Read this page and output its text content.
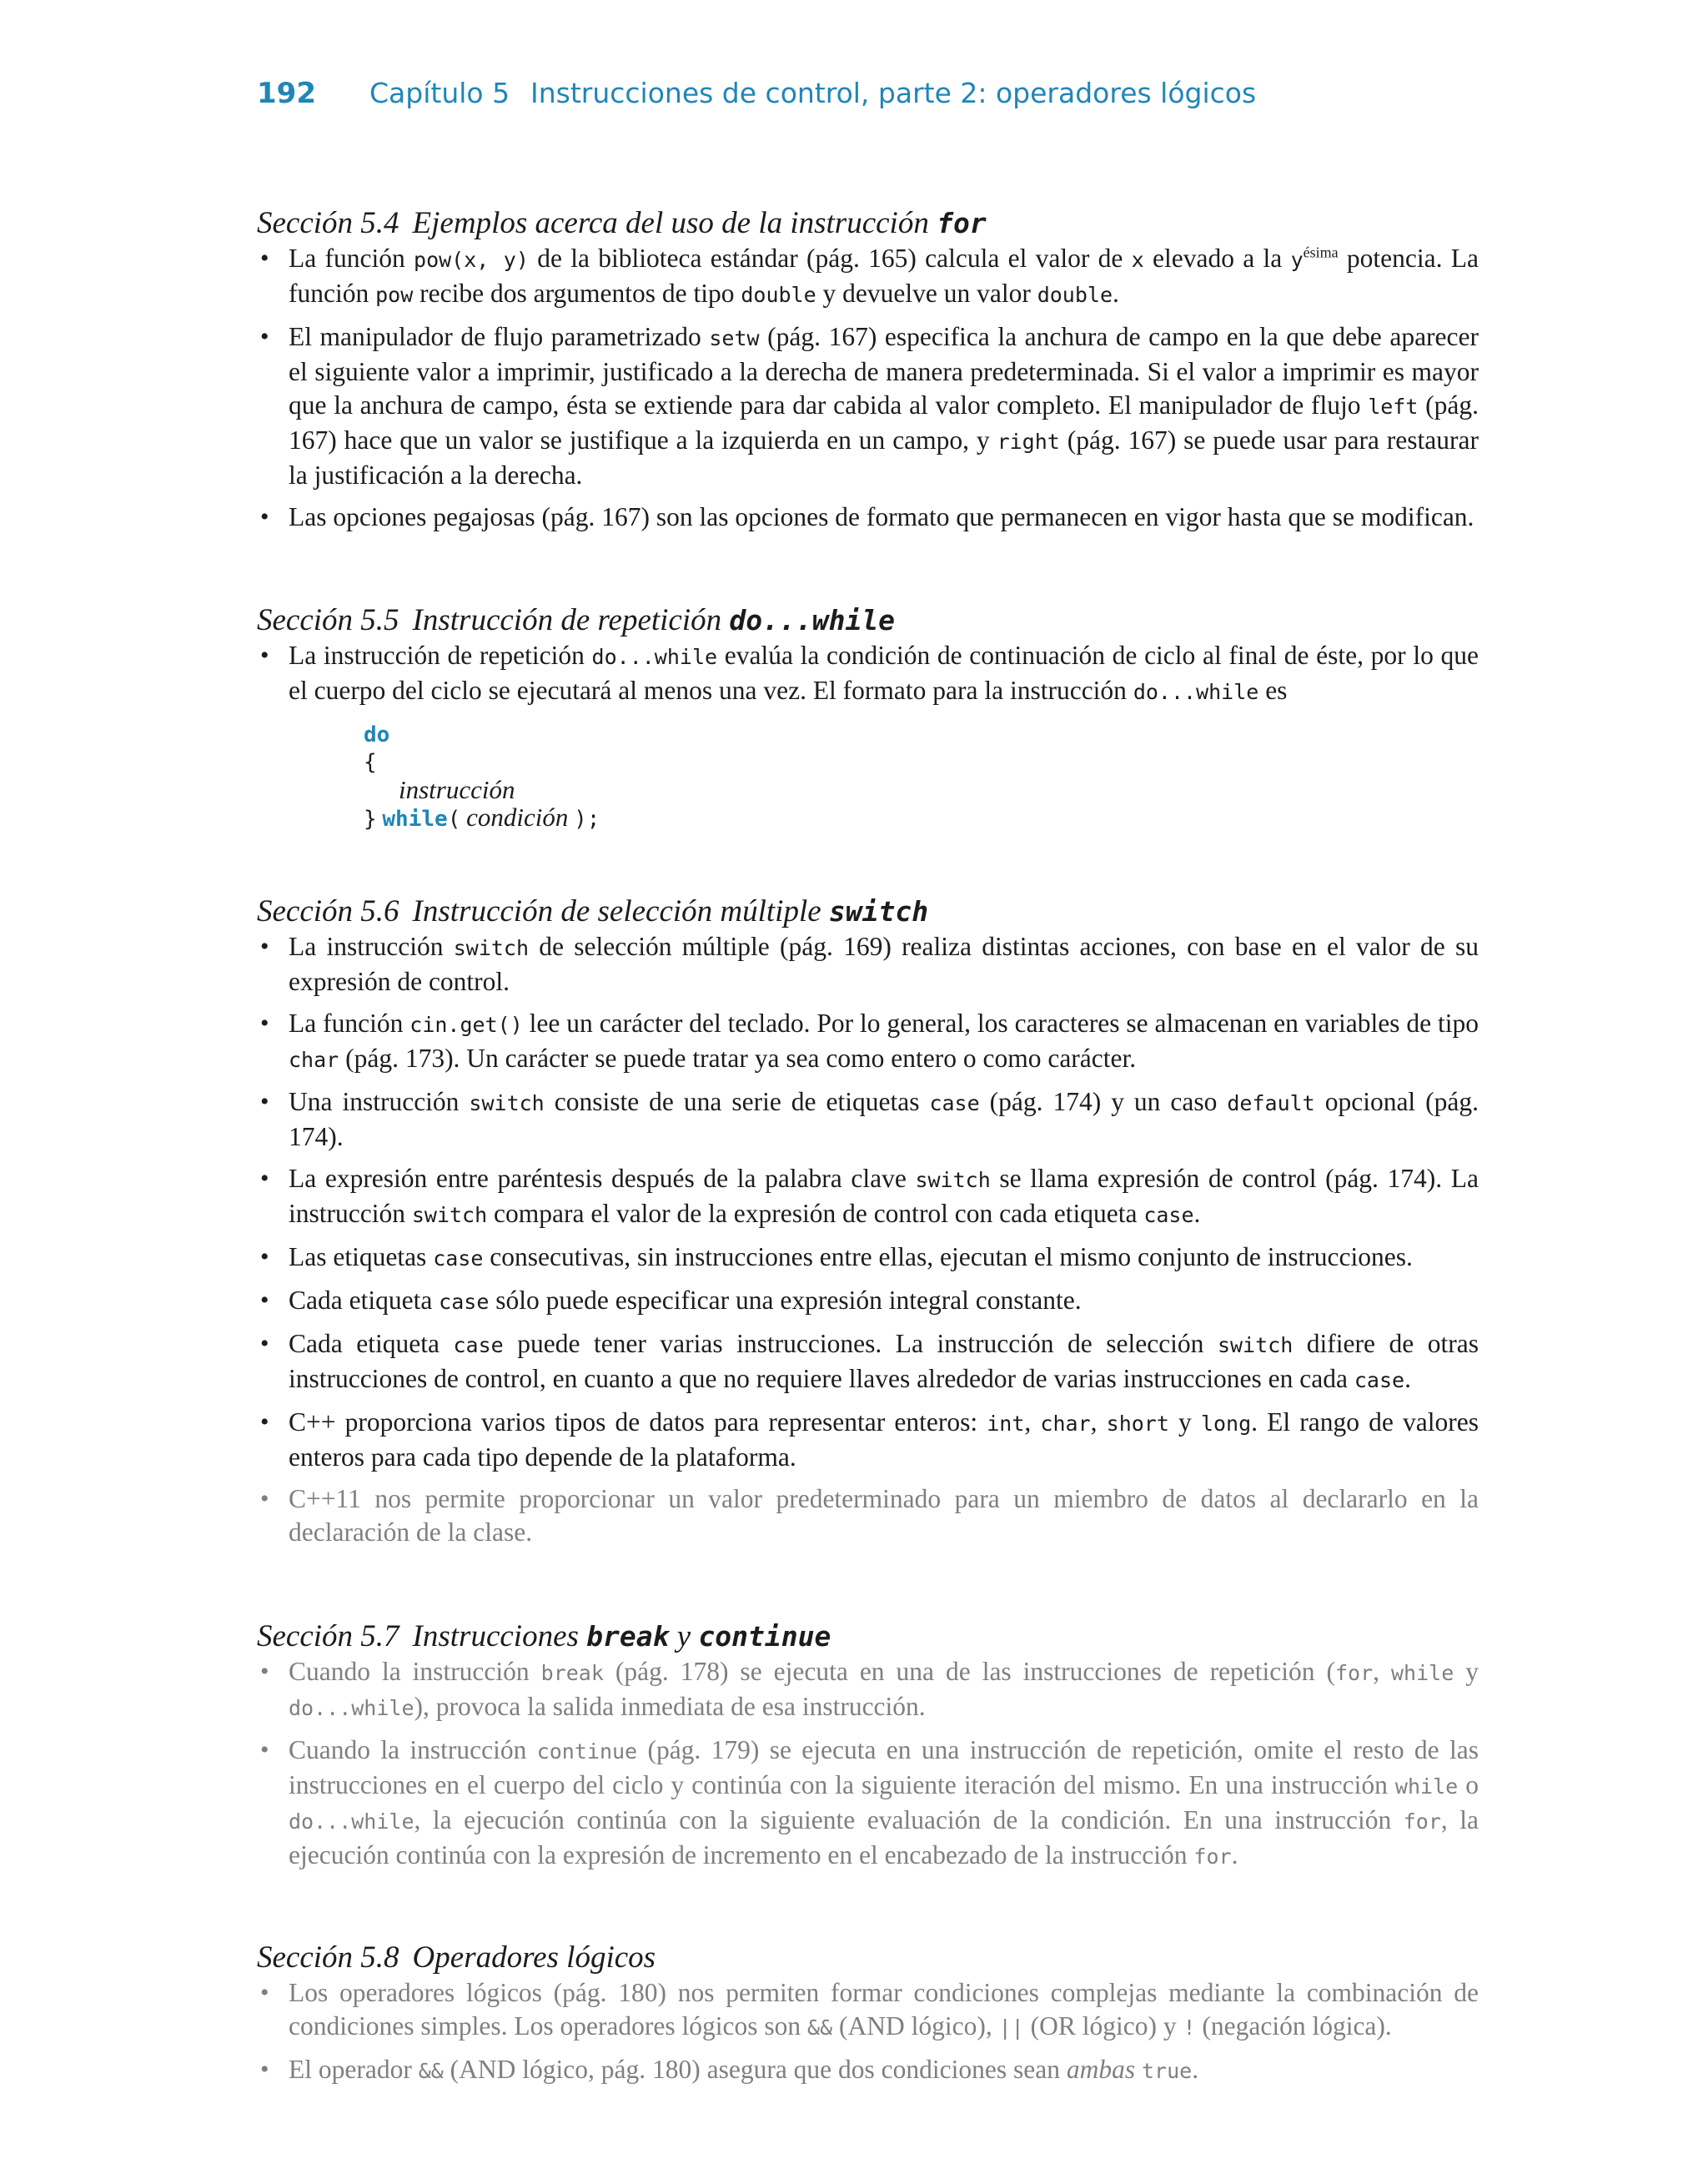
192 Capítulo 5 Instrucciones de control, parte 2: operadores lógicos
Sección 5.4 Ejemplos acerca del uso de la instrucción for
• La función pow(x, y) de la biblioteca estándar (pág. 165) calcula el valor de x elevado a la $y^{ésima}$ potencia. La función pow recibe dos argumentos de tipo double y devuelve un valor double.
• El manipulador de flujo parametrizado setw (pág. 167) especifica la anchura de campo en la que debe aparecer el siguiente valor a imprimir, justificado a la derecha de manera predeterminada. Si el valor a imprimir es mayor que la anchura de campo, ésta se extiende para dar cabida al valor completo. El manipulador de flujo left (pág. 167) hace que un valor se justifique a la izquierda en un campo, y right (pág. 167) se puede usar para restaurar la justificación a la derecha.
• Las opciones pegajosas (pág. 167) son las opciones de formato que permanecen en vigor hasta que se modifican.
Sección 5.5 Instrucción de repetición do...while
• La instrucción de repetición do...while evalúa la condición de continuación de ciclo al final de éste, por lo que el cuerpo del ciclo se ejecutará al menos una vez. El formato para la instrucción do...while es
do
{
instrucción
} while( condición );
Sección 5.6 Instrucción de selección múltiple switch
• La instrucción switch de selección múltiple (pág. 169) realiza distintas acciones, con base en el valor de su expresión de control.
• La función cin.get() lee un carácter del teclado. Por lo general, los caracteres se almacenan en variables de tipo char (pág. 173). Un carácter se puede tratar ya sea como entero o como carácter.
• Una instrucción switch consiste de una serie de etiquetas case (pág. 174) y un caso default opcional (pág. 174).
• La expresión entre paréntesis después de la palabra clave switch se llama expresión de control (pág. 174). La instrucción switch compara el valor de la expresión de control con cada etiqueta case.
• Las etiquetas case consecutivas, sin instrucciones entre ellas, ejecutan el mismo conjunto de instrucciones.
• Cada etiqueta case sólo puede especificar una expresión integral constante.
• Cada etiqueta case puede tener varias instrucciones. La instrucción de selección switch difiere de otras instrucciones de control, en cuanto a que no requiere llaves alrededor de varias instrucciones en cada case.
• C++ proporciona varios tipos de datos para representar enteros: int, char, short y long. El rango de valores enteros para cada tipo depende de la plataforma.
• C++11 nos permite proporcionar un valor predeterminado para un miembro de datos al declararlo en la declaración de la clase.
Sección 5.7 Instrucciones break y continue
• Cuando la instrucción break (pág. 178) se ejecuta en una de las instrucciones de repetición (for, while y do...while), provoca la salida inmediata de esa instrucción.
• Cuando la instrucción continue (pág. 179) se ejecuta en una instrucción de repetición, omite el resto de las instrucciones en el cuerpo del ciclo y continúa con la siguiente iteración del mismo. En una instrucción while o do...while, la ejecución continúa con la siguiente evaluación de la condición. En una instrucción for, la ejecución continúa con la expresión de incremento en el encabezado de la instrucción for.
Sección 5.8 Operadores lógicos
• Los operadores lógicos (pág. 180) nos permiten formar condiciones complejas mediante la combinación de condiciones simples. Los operadores lógicos son && (AND lógico), || (OR lógico) y ! (negación lógica).
• El operador && (AND lógico, pág. 180) asegura que dos condiciones sean ambas true.
